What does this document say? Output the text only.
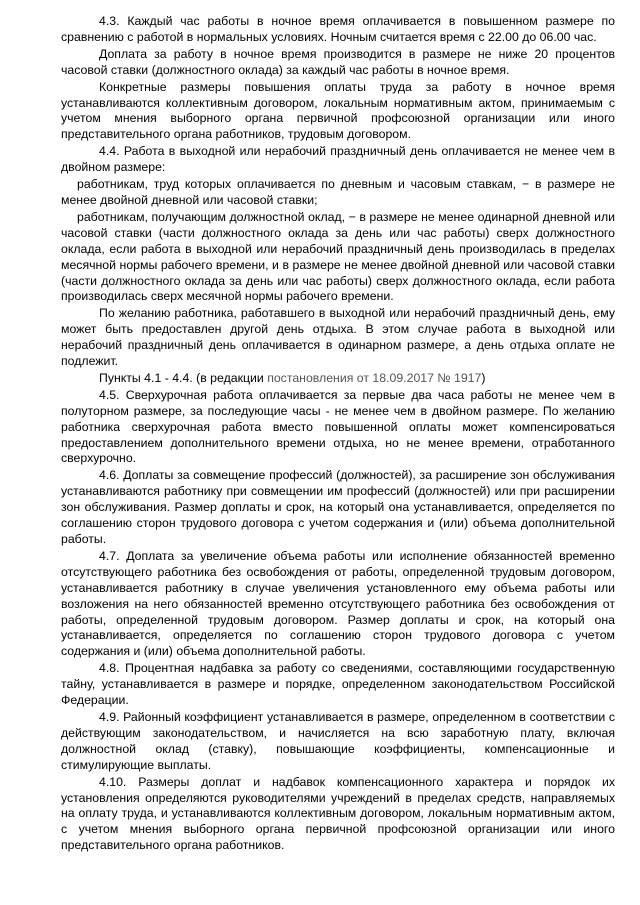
4.3. Каждый час работы в ночное время оплачивается в повышенном размере по сравнению с работой в нормальных условиях. Ночным считается время с 22.00 до 06.00 час.

Доплата за работу в ночное время производится в размере не ниже 20 процентов часовой ставки (должностного оклада) за каждый час работы в ночное время.

Конкретные размеры повышения оплаты труда за работу в ночное время устанавливаются коллективным договором, локальным нормативным актом, принимаемым с учетом мнения выборного органа первичной профсоюзной организации или иного представительного органа работников, трудовым договором.

4.4. Работа в выходной или нерабочий праздничный день оплачивается не менее чем в двойном размере:

работникам, труд которых оплачивается по дневным и часовым ставкам, − в размере не менее двойной дневной или часовой ставки;

работникам, получающим должностной оклад, − в размере не менее одинарной дневной или часовой ставки (части должностного оклада за день или час работы) сверх должностного оклада, если работа в выходной или нерабочий праздничный день производилась в пределах месячной нормы рабочего времени, и в размере не менее двойной дневной или часовой ставки (части должностного оклада за день или час работы) сверх должностного оклада, если работа производилась сверх месячной нормы рабочего времени.

По желанию работника, работавшего в выходной или нерабочий праздничный день, ему может быть предоставлен другой день отдыха. В этом случае работа в выходной или нерабочий праздничный день оплачивается в одинарном размере, а день отдыха оплате не подлежит.

Пункты 4.1 - 4.4. (в редакции постановления от 18.09.2017 № 1917)

4.5. Сверхурочная работа оплачивается за первые два часа работы не менее чем в полуторном размере, за последующие часы - не менее чем в двойном размере. По желанию работника сверхурочная работа вместо повышенной оплаты может компенсироваться предоставлением дополнительного времени отдыха, но не менее времени, отработанного сверхурочно.

4.6. Доплаты за совмещение профессий (должностей), за расширение зон обслуживания устанавливаются работнику при совмещении им профессий (должностей) или при расширении зон обслуживания. Размер доплаты и срок, на который она устанавливается, определяется по соглашению сторон трудового договора с учетом содержания и (или) объема дополнительной работы.

4.7. Доплата за увеличение объема работы или исполнение обязанностей временно отсутствующего работника без освобождения от работы, определенной трудовым договором, устанавливается работнику в случае увеличения установленного ему объема работы или возложения на него обязанностей временно отсутствующего работника без освобождения от работы, определенной трудовым договором. Размер доплаты и срок, на который она устанавливается, определяется по соглашению сторон трудового договора с учетом содержания и (или) объема дополнительной работы.

4.8. Процентная надбавка за работу со сведениями, составляющими государственную тайну, устанавливается в размере и порядке, определенном законодательством Российской Федерации.

4.9. Районный коэффициент устанавливается в размере, определенном в соответствии с действующим законодательством, и начисляется на всю заработную плату, включая должностной оклад (ставку), повышающие коэффициенты, компенсационные и стимулирующие выплаты.

4.10. Размеры доплат и надбавок компенсационного характера и порядок их установления определяются руководителями учреждений в пределах средств, направляемых на оплату труда, и устанавливаются коллективным договором, локальным нормативным актом, с учетом мнения выборного органа первичной профсоюзной организации или иного представительного органа работников.
